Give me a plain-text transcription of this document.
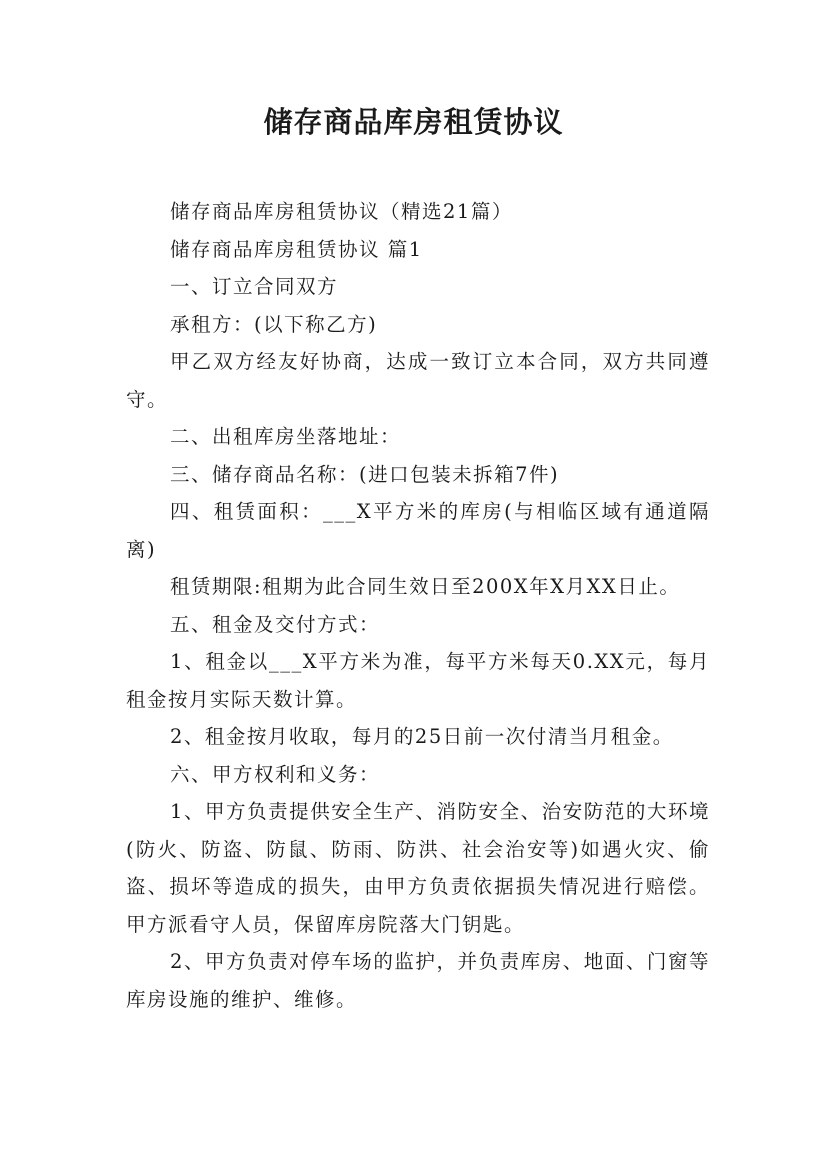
储存商品库房租赁协议

储存商品库房租赁协议（精选21篇）

储存商品库房租赁协议 篇1

一、订立合同双方

承租方：(以下称乙方)

甲乙双方经友好协商，达成一致订立本合同，双方共同遵守。

二、出租库房坐落地址：

三、储存商品名称：(进口包装未拆箱7件)

四、租赁面积：___X平方米的库房(与相临区域有通道隔离)

租赁期限:租期为此合同生效日至200X年X月XX日止。

五、租金及交付方式：

1、租金以___X平方米为准，每平方米每天0.XX元，每月租金按月实际天数计算。

2、租金按月收取，每月的25日前一次付清当月租金。

六、甲方权利和义务：

1、甲方负责提供安全生产、消防安全、治安防范的大环境(防火、防盗、防鼠、防雨、防洪、社会治安等)如遇火灾、偷盗、损坏等造成的损失，由甲方负责依据损失情况进行赔偿。甲方派看守人员，保留库房院落大门钥匙。

2、甲方负责对停车场的监护，并负责库房、地面、门窗等库房设施的维护、维修。
